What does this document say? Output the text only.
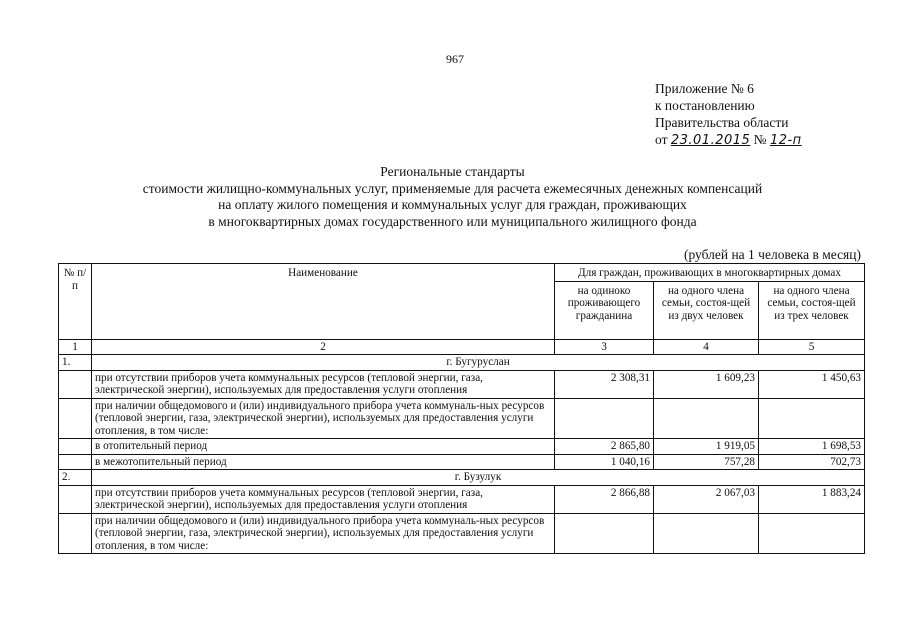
967
Приложение № 6
к постановлению
Правительства области
от 23.01.2015 № 12-п
Региональные стандарты
стоимости жилищно-коммунальных услуг, применяемые для расчета ежемесячных денежных компенсаций
на оплату жилого помещения и коммунальных услуг для граждан, проживающих
в многоквартирных домах государственного или муниципального жилищного фонда
(рублей на 1 человека в месяц)
№ п/п	Наименование	Для граждан, проживающих в многоквартирных домах		
		на одиноко проживающего гражданина	на одного члена семьи, состоя-щей из двух человек	на одного члена семьи, состоя-щей из трех человек
1	2	3	4	5
1.	г. Бугуруслан			
	при отсутствии приборов учета коммунальных ресурсов (тепловой энергии, газа, электрической энергии), используемых для предоставления услуги отопления	2 308,31	1 609,23	1 450,63
	при наличии общедомового и (или) индивидуального прибора учета коммуналь-ных ресурсов (тепловой энергии, газа, электрической энергии), используемых для предоставления услуги отопления, в том числе:			
	в отопительный период	2 865,80	1 919,05	1 698,53
	в межотопительный период	1 040,16	757,28	702,73
2.	г. Бузулук			
	при отсутствии приборов учета коммунальных ресурсов (тепловой энергии, газа, электрической энергии), используемых для предоставления услуги отопления	2 866,88	2 067,03	1 883,24
	при наличии общедомового и (или) индивидуального прибора учета коммуналь-ных ресурсов (тепловой энергии, газа, электрической энергии), используемых для предоставления услуги отопления, в том числе:			
